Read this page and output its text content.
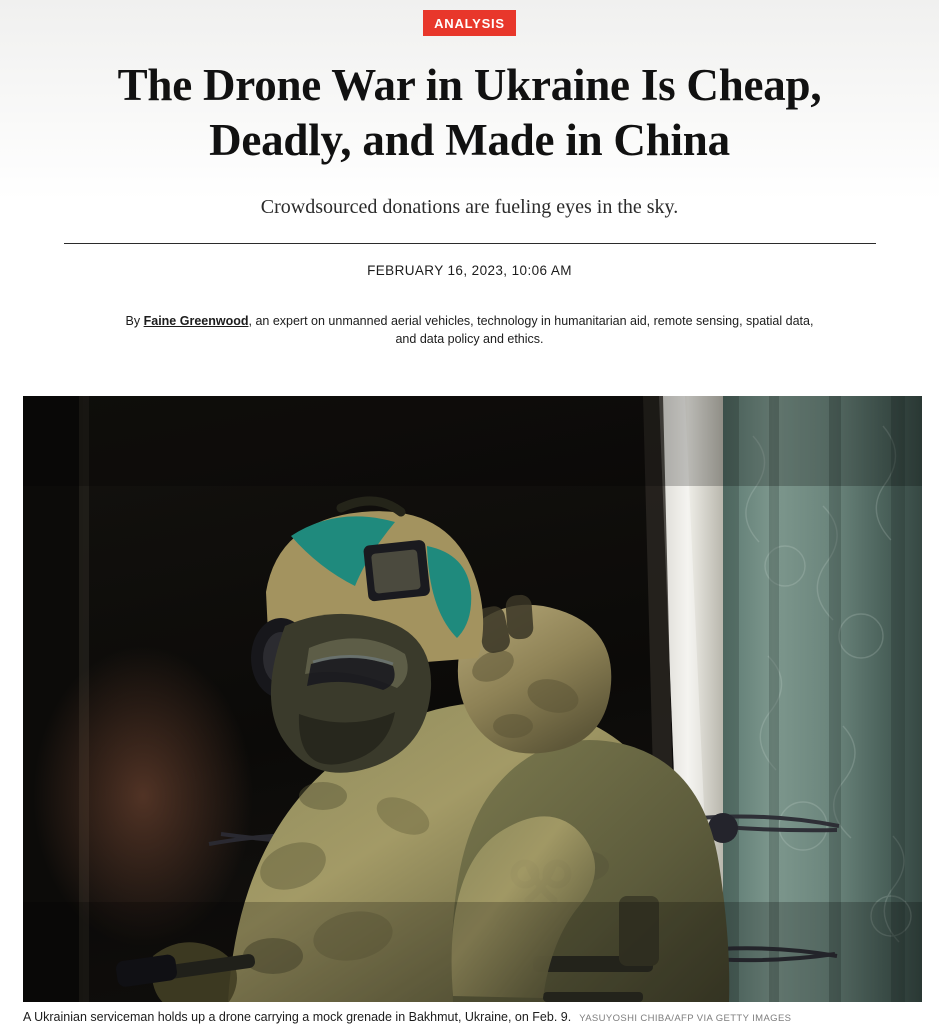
ANALYSIS
The Drone War in Ukraine Is Cheap, Deadly, and Made in China

Crowdsourced donations are fueling eyes in the sky.

FEBRUARY 16, 2023, 10:06 AM

By Faine Greenwood, an expert on unmanned aerial vehicles, technology in humanitarian aid, remote sensing, spatial data, and data policy and ethics.

A Ukrainian serviceman holds up a drone carrying a mock grenade in Bakhmut, Ukraine, on Feb. 9. YASUYOSHI CHIBA/AFP VIA GETTY IMAGES
